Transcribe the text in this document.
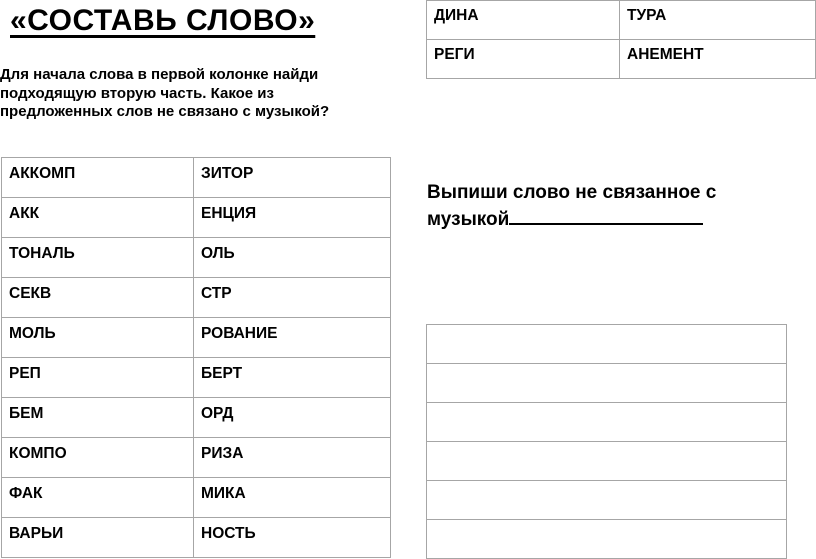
«СОСТАВЬ СЛОВО»

Для начала слова в первой колонке найди подходящую вторую часть. Какое из предложенных слов не связано с музыкой?

ДИНА	ТУРА
РЕГИ	АНЕМЕНТ
АККОМП	ЗИТОР
АКК	ЕНЦИЯ
ТОНАЛЬ	ОЛЬ
СЕКВ	СТР
МОЛЬ	РОВАНИЕ
РЕП	БЕРТ
БЕМ	ОРД
КОМПО	РИЗА
ФАК	МИКА
ВАРЬИ	НОСТЬ

Выпиши слово не связанное с музыкой
